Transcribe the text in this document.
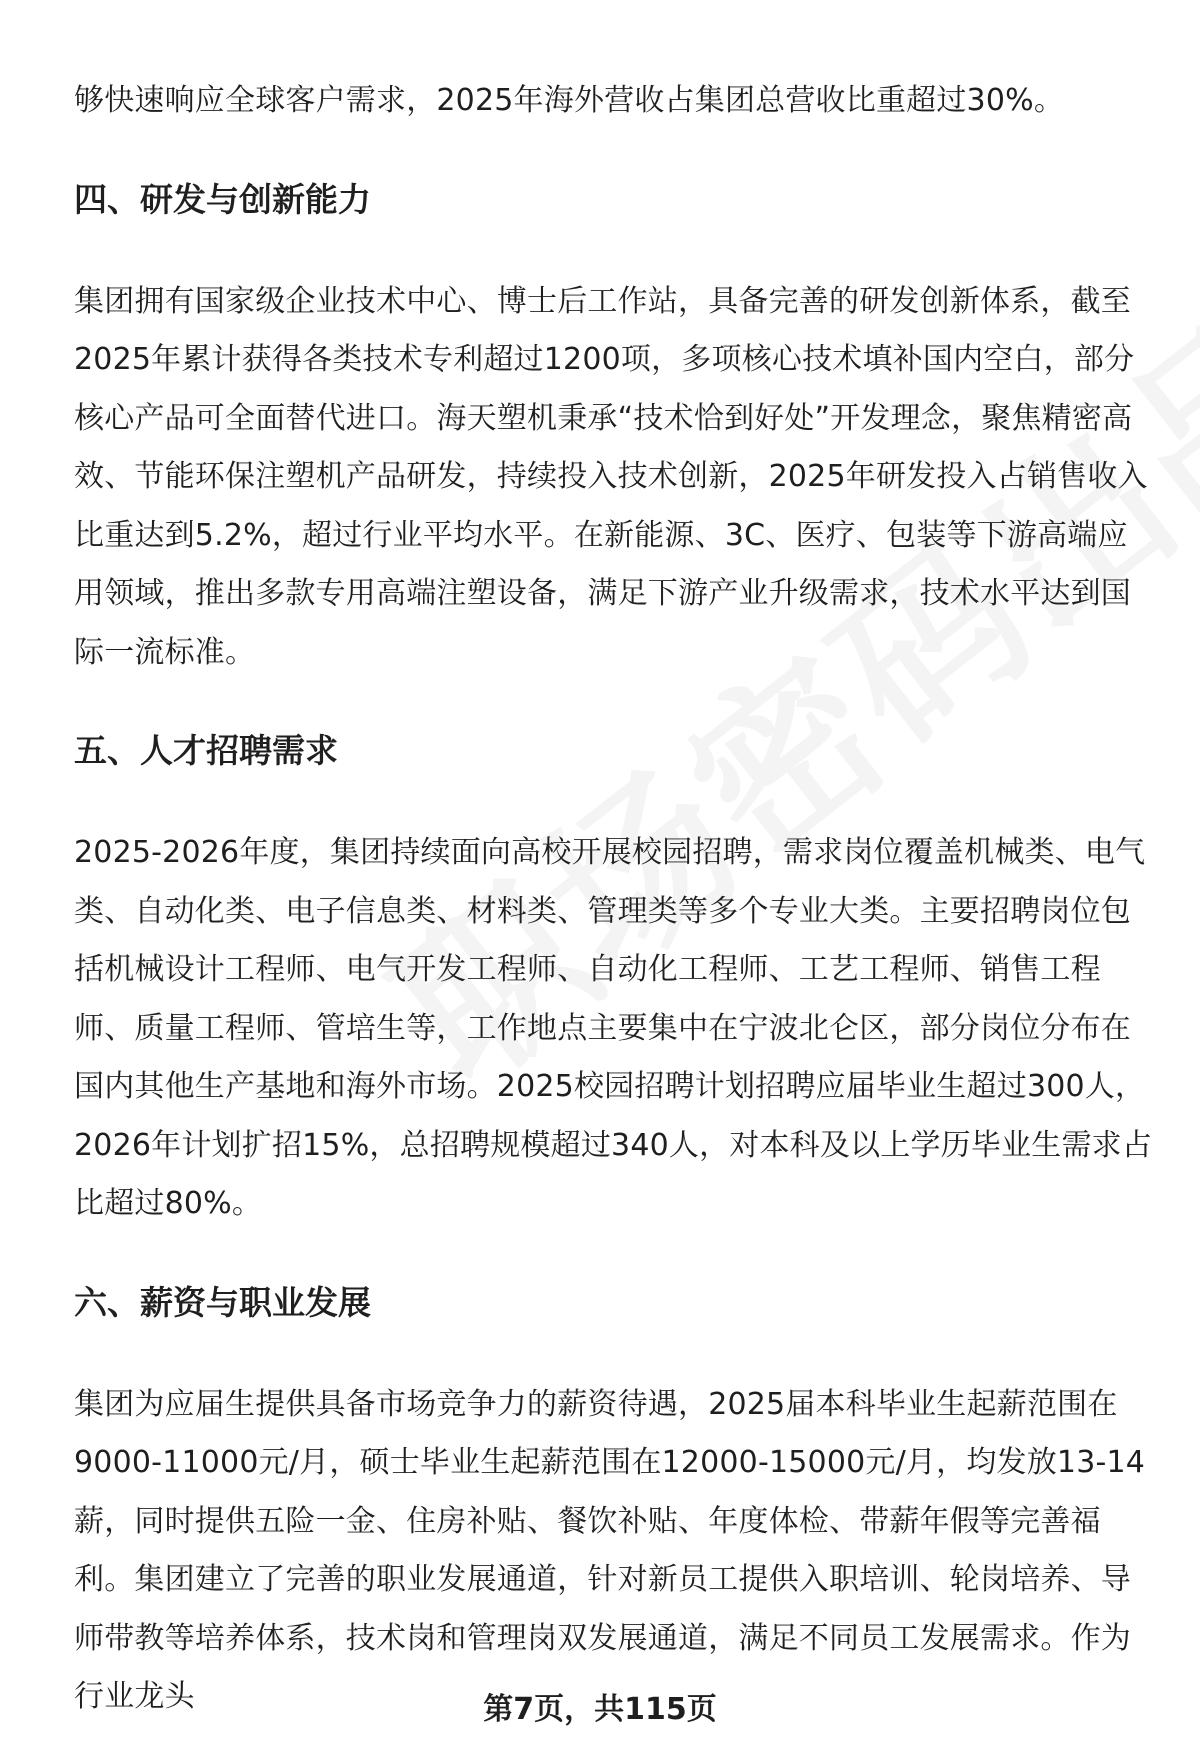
够快速响应全球客户需求，2025年海外营收占集团总营收比重超过30%。

四、研发与创新能力

集团拥有国家级企业技术中心、博士后工作站，具备完善的研发创新体系，截至2025年累计获得各类技术专利超过1200项，多项核心技术填补国内空白，部分核心产品可全面替代进口。海天塑机秉承“技术恰到好处”开发理念，聚焦精密高效、节能环保注塑机产品研发，持续投入技术创新，2025年研发投入占销售收入比重达到5.2%，超过行业平均水平。在新能源、3C、医疗、包装等下游高端应用领域，推出多款专用高端注塑设备，满足下游产业升级需求，技术水平达到国际一流标准。

五、人才招聘需求

2025-2026年度，集团持续面向高校开展校园招聘，需求岗位覆盖机械类、电气类、自动化类、电子信息类、材料类、管理类等多个专业大类。主要招聘岗位包括机械设计工程师、电气开发工程师、自动化工程师、工艺工程师、销售工程师、质量工程师、管培生等，工作地点主要集中在宁波北仑区，部分岗位分布在国内其他生产基地和海外市场。2025校园招聘计划招聘应届毕业生超过300人，2026年计划扩招15%，总招聘规模超过340人，对本科及以上学历毕业生需求占比超过80%。

六、薪资与职业发展

集团为应届生提供具备市场竞争力的薪资待遇，2025届本科毕业生起薪范围在9000-11000元/月，硕士毕业生起薪范围在12000-15000元/月，均发放13-14薪，同时提供五险一金、住房补贴、餐饮补贴、年度体检、带薪年假等完善福利。集团建立了完善的职业发展通道，针对新员工提供入职培训、轮岗培养、导师带教等培养体系，技术岗和管理岗双发展通道，满足不同员工发展需求。作为行业龙头	第7页，共115页
